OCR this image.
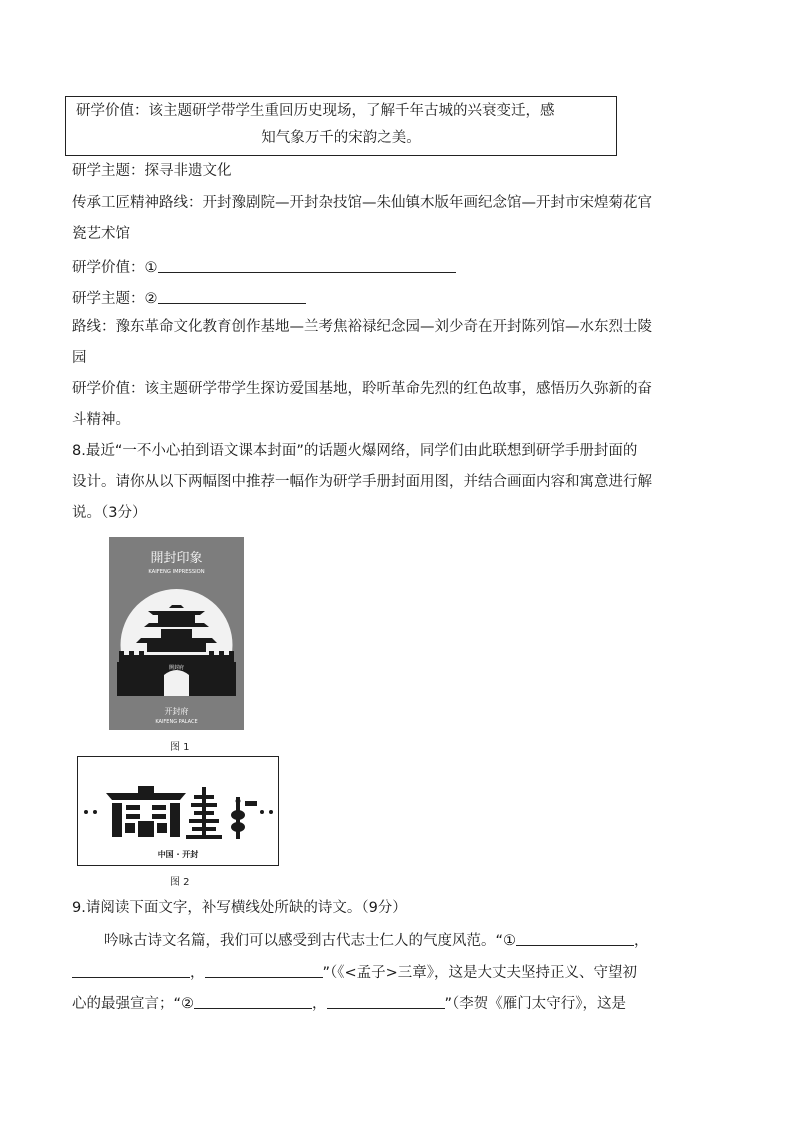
研学价值：该主题研学带学生重回历史现场，了解千年古城的兴衰变迁，感
知气象万千的宋韵之美。
研学主题：探寻非遗文化
传承工匠精神路线：开封豫剧院—开封杂技馆—朱仙镇木版年画纪念馆—开封市宋煌菊花官
瓷艺术馆
研学价值：①
研学主题：②
路线：豫东革命文化教育创作基地—兰考焦裕禄纪念园—刘少奇在开封陈列馆—水东烈士陵
园
研学价值：该主题研学带学生探访爱国基地，聆听革命先烈的红色故事，感悟历久弥新的奋
斗精神。
8.最近“一不小心拍到语文课本封面”的话题火爆网络，同学们由此联想到研学手册封面的
设计。请你从以下两幅图中推荐一幅作为研学手册封面用图，并结合画面内容和寓意进行解
说。（3分）
開封印象
KAIFENG IMPRESSION
開封府
开封府
KAIFENG PALACE
图 1
中国 · 开封
图 2
9.请阅读下面文字，补写横线处所缺的诗文。（9分）
吟咏古诗文名篇，我们可以感受到古代志士仁人的气度风范。“①	，
，	”（《<孟子>三章》，这是大丈夫坚持正义、守望初
心的最强宣言；“②	，	”（李贺《雁门太守行》，这是
